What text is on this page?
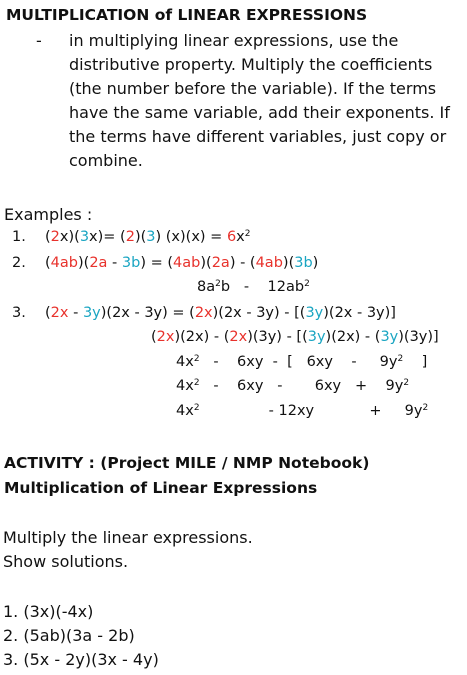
MULTIPLICATION of LINEAR EXPRESSIONS
- in multiplying linear expressions, use the
distributive property. Multiply the coefficients
(the number before the variable). If the terms
have the same variable, add their exponents. If
the terms have different variables, just copy or
combine.
Examples :
1.
2.
3.
(2x)(3x)= (2)(3) $(x)(x) = 6x^2$
(4ab)(2a - 3b) = (4ab)(2a) - (4ab)(3b)
$8a^2b$   -    $12ab^2$
(2x - 3y)(2x - 3y) = (2x)(2x - 3y) - [(3y)(2x - 3y)]
(2x)(2x) - (2x)(3y) - [(3y)(2x) - (3y)(3y)]
$4x^2$   -    6xy  -  [   6xy    -     $9y^2$    ]
$4x^2$   -    6xy   -       6xy   +    $9y^2$
$4x^2$               - 12xy            +     $9y^2$
ACTIVITY : (Project MILE / NMP Notebook)
Multiplication of Linear Expressions
Multiply the linear expressions.
Show solutions.
1. (3x)(-4x)
2. (5ab)(3a - 2b)
3. (5x - 2y)(3x - 4y)
